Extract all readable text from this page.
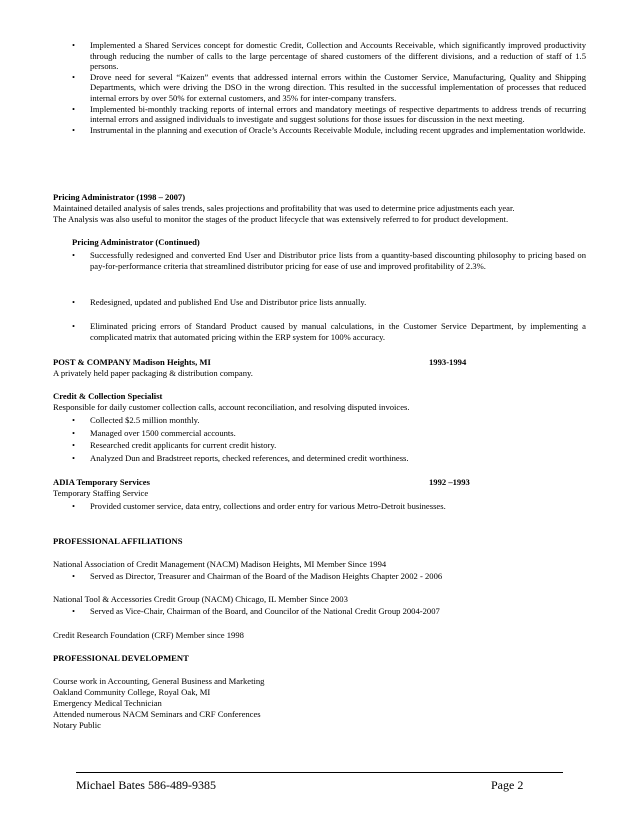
• Implemented a Shared Services concept for domestic Credit, Collection and Accounts Receivable, which significantly improved productivity through reducing the number of calls to the large percentage of shared customers of the different divisions, and a reduction of staff of 1.5 persons.
• Drove need for several “Kaizen” events that addressed internal errors within the Customer Service, Manufacturing, Quality and Shipping Departments, which were driving the DSO in the wrong direction. This resulted in the successful implementation of processes that reduced internal errors by over 50% for external customers, and 35% for inter-company transfers.
• Implemented bi-monthly tracking reports of internal errors and mandatory meetings of respective departments to address trends of recurring internal errors and assigned individuals to investigate and suggest solutions for those issues for discussion in the next meeting.
• Instrumental in the planning and execution of Oracle’s Accounts Receivable Module, including recent upgrades and implementation worldwide.
Pricing Administrator (1998 – 2007)
Maintained detailed analysis of sales trends, sales projections and profitability that was used to determine price adjustments each year.
The Analysis was also useful to monitor the stages of the product lifecycle that was extensively referred to for product development.
Pricing Administrator (Continued)
• Successfully redesigned and converted End User and Distributor price lists from a quantity-based discounting philosophy to pricing based on pay-for-performance criteria that streamlined distributor pricing for ease of use and improved profitability of 2.3%.
• Redesigned, updated and published End Use and Distributor price lists annually.
• Eliminated pricing errors of Standard Product caused by manual calculations, in the Customer Service Department, by implementing a complicated matrix that automated pricing within the ERP system for 100% accuracy.
POST & COMPANY Madison Heights, MI	1993-1994
A privately held paper packaging & distribution company.
Credit & Collection Specialist
Responsible for daily customer collection calls, account reconciliation, and resolving disputed invoices.
• Collected $2.5 million monthly.
• Managed over 1500 commercial accounts.
• Researched credit applicants for current credit history.
• Analyzed Dun and Bradstreet reports, checked references, and determined credit worthiness.
ADIA Temporary Services	1992 –1993
Temporary Staffing Service
• Provided customer service, data entry, collections and order entry for various Metro-Detroit businesses.
PROFESSIONAL AFFILIATIONS
National Association of Credit Management (NACM) Madison Heights, MI Member Since 1994
• Served as Director, Treasurer and Chairman of the Board of the Madison Heights Chapter 2002 - 2006
National Tool & Accessories Credit Group (NACM) Chicago, IL Member Since 2003
• Served as Vice-Chair, Chairman of the Board, and Councilor of the National Credit Group 2004-2007
Credit Research Foundation (CRF) Member since 1998
PROFESSIONAL DEVELOPMENT
Course work in Accounting, General Business and Marketing
Oakland Community College, Royal Oak, MI
Emergency Medical Technician
Attended numerous NACM Seminars and CRF Conferences
Notary Public
Michael Bates 586-489-9385	Page 2
